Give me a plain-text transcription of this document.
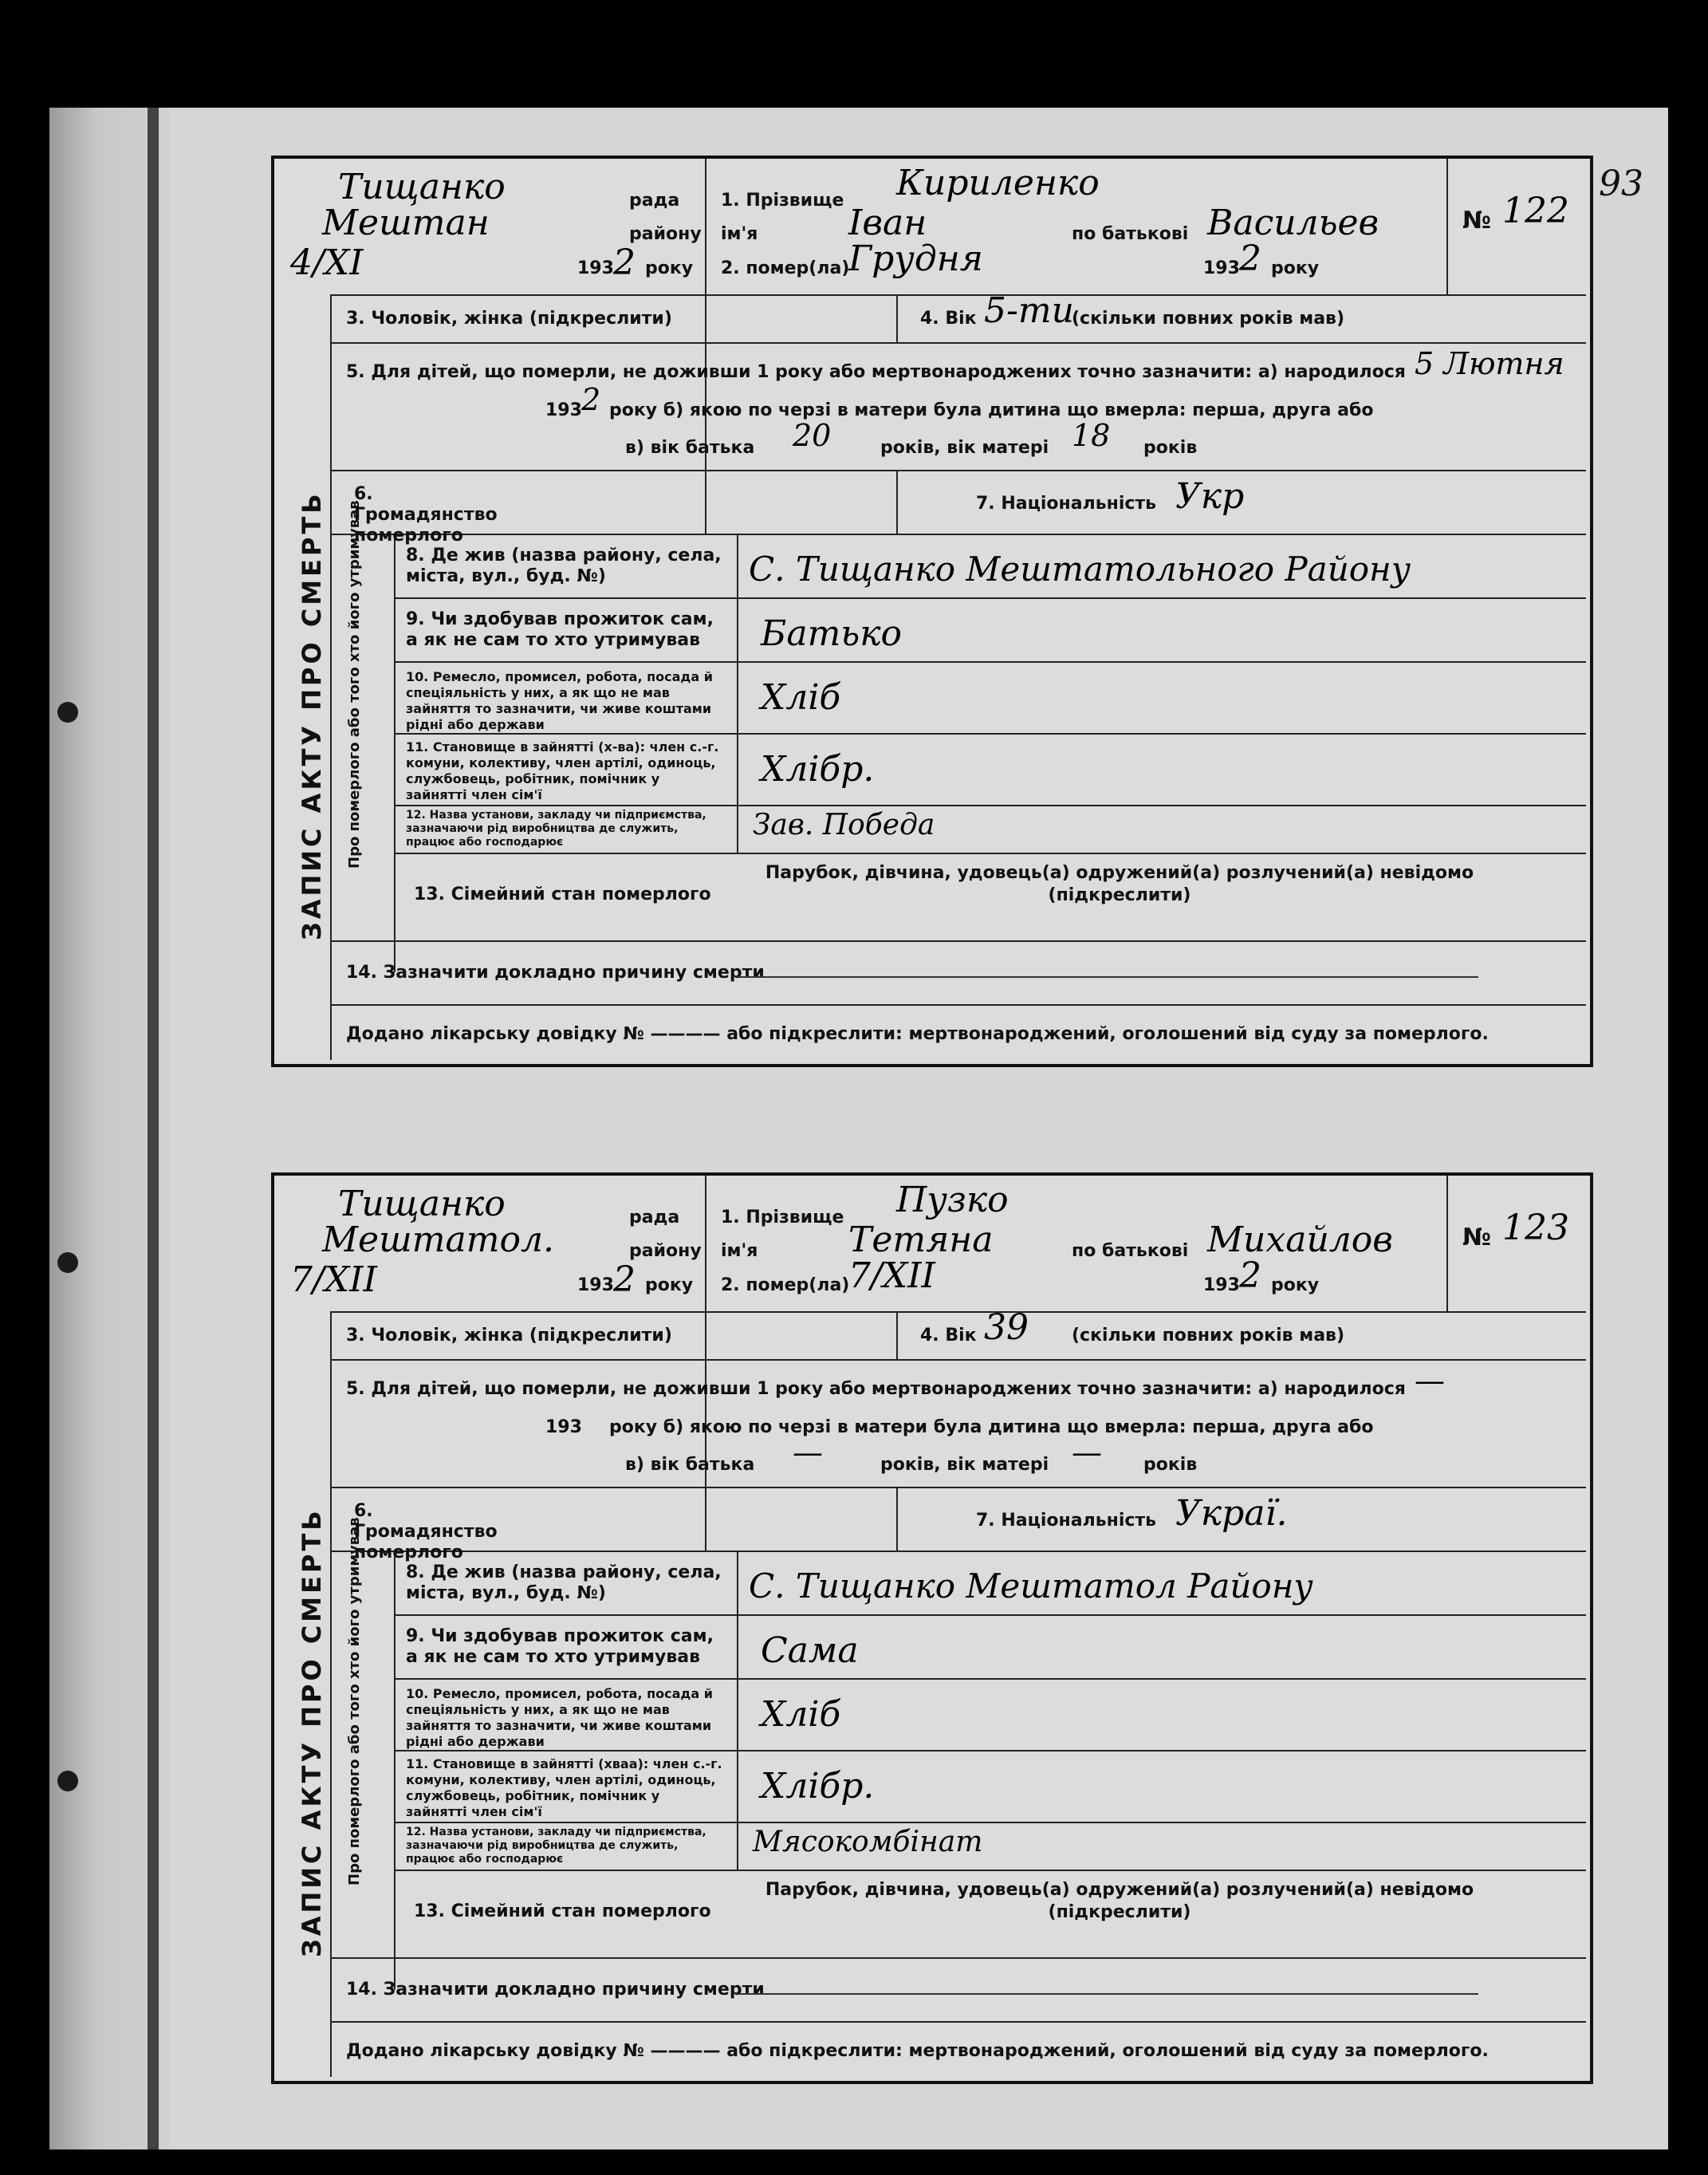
93
ЗАПИС АКТУ ПРО СМЕРТЬ Про померлого або того хто його утримував
Тищанко	рада
Мештан	району
4/XI	193 2 року
1. Прізвище Кириленко
ім'я	Іван	по батькові Васильев
2. помер(ла)
Грудня	193 2 року
№ 122
3. Чоловік, жінка (підкреслити)	4. Вік 5-ти
(скільки повних років мав)
5. Для дітей, що померли, не доживши 1 року або мертвонароджених точно зазначити: а) народилося 5 Лютня
193 2 року б) якою по черзі в матери була дитина що вмерла: перша, друга або
в) вік батька 20	років, вік матері 18 років
6. Громадянство померлого
7. Національність Укр
8. Де жив (назва району, села, міста, вул., буд. №)	С. Тищанко Мештатольного Району
9. Чи здобував прожиток сам, а як не сам то хто утримував	Батько
10. Ремесло, промисел, робота, посада й спеціяльність у них, а як що не мав зайняття то зазначити, чи живе коштами рідні або держави
Хліб
11. Становище в зайнятті (х-ва): член с.-г. комуни, колективу, член артілі, одиноць, службовець, робітник, помічник у зайнятті член сім'ї
Хлібр.
12. Назва установи, закладу чи підприємства, зазначаючи рід виробництва де служить, працює або господарює
Зав. Победа
13. Сімейний стан померлого
Парубок, дівчина, удовець(а) одружений(а) розлучений(а) невідомо (підкреслити)
14. Зазначити докладно причину смерти
Додано лікарську довідку № ———— або підкреслити: мертвонароджений, оголошений від суду за померлого.
ЗАПИС АКТУ ПРО СМЕРТЬ Про померлого або того хто його утримував
Тищанко	рада
Мештатол.	району
7/XII	193 2 року
1. Прізвище Пузко
ім'я	Тетяна	по батькові Михайлов
2. помер(ла)
7/XII	193 2 року
№ 123
3. Чоловік, жінка (підкреслити)	4. Вік 39 (скільки повних років мав)
5. Для дітей, що померли, не доживши 1 року або мертвонароджених точно зазначити: а) народилося —
193 року б) якою по черзі в матери була дитина що вмерла: перша, друга або
в) вік батька —	років, вік матері — років
6. Громадянство померлого
7. Національність Украї.
8. Де жив (назва району, села, міста, вул., буд. №)	С. Тищанко Мештатол Району
9. Чи здобував прожиток сам, а як не сам то хто утримував	Сама
10. Ремесло, промисел, робота, посада й спеціяльність у них, а як що не мав зайняття то зазначити, чи живе коштами рідні або держави
Хліб
11. Становище в зайнятті (хваа): член с.-г. комуни, колективу, член артілі, одиноць, службовець, робітник, помічник у зайнятті член сім'ї
Хлібр.
12. Назва установи, закладу чи підприємства, зазначаючи рід виробництва де служить, працює або господарює
Мясокомбінат
13. Сімейний стан померлого
Парубок, дівчина, удовець(а) одружений(а) розлучений(а) невідомо (підкреслити)
14. Зазначити докладно причину смерти
Додано лікарську довідку № ———— або підкреслити: мертвонароджений, оголошений від суду за померлого.
